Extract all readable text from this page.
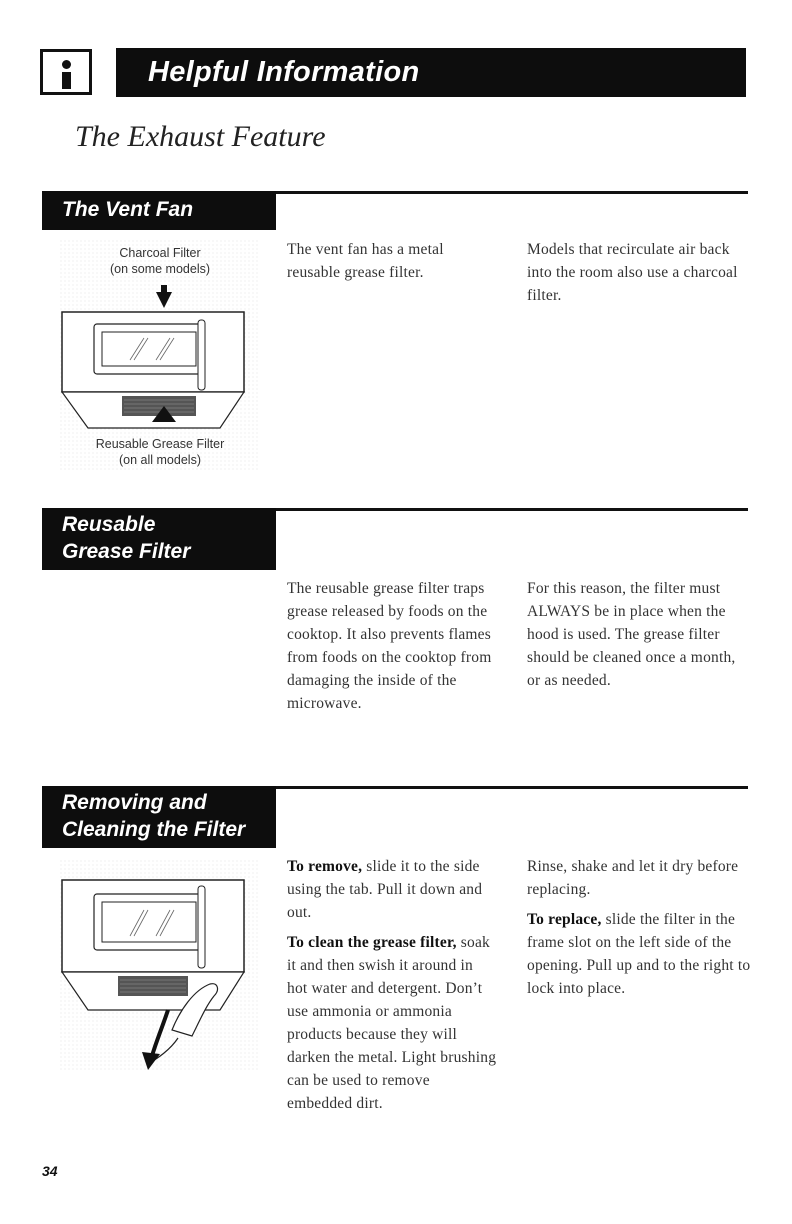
Helpful Information
The Exhaust Feature
The Vent Fan
Charcoal Filter
(on some models)
Reusable Grease Filter
(on all models)

The vent fan has a metal reusable grease filter.

Models that recirculate air back into the room also use a charcoal filter.

Reusable
Grease Filter

The reusable grease filter traps grease released by foods on the cooktop. It also prevents flames from foods on the cooktop from damaging the inside of the microwave.

For this reason, the filter must ALWAYS be in place when the hood is used. The grease filter should be cleaned once a month, or as needed.

Removing and
Cleaning the Filter

To remove, slide it to the side using the tab. Pull it down and out.

To clean the grease filter, soak it and then swish it around in hot water and detergent. Don’t use ammonia or ammonia products because they will darken the metal. Light brushing can be used to remove embedded dirt.

Rinse, shake and let it dry before replacing.

To replace, slide the filter in the frame slot on the left side of the opening. Pull up and to the right to lock into place.

34
